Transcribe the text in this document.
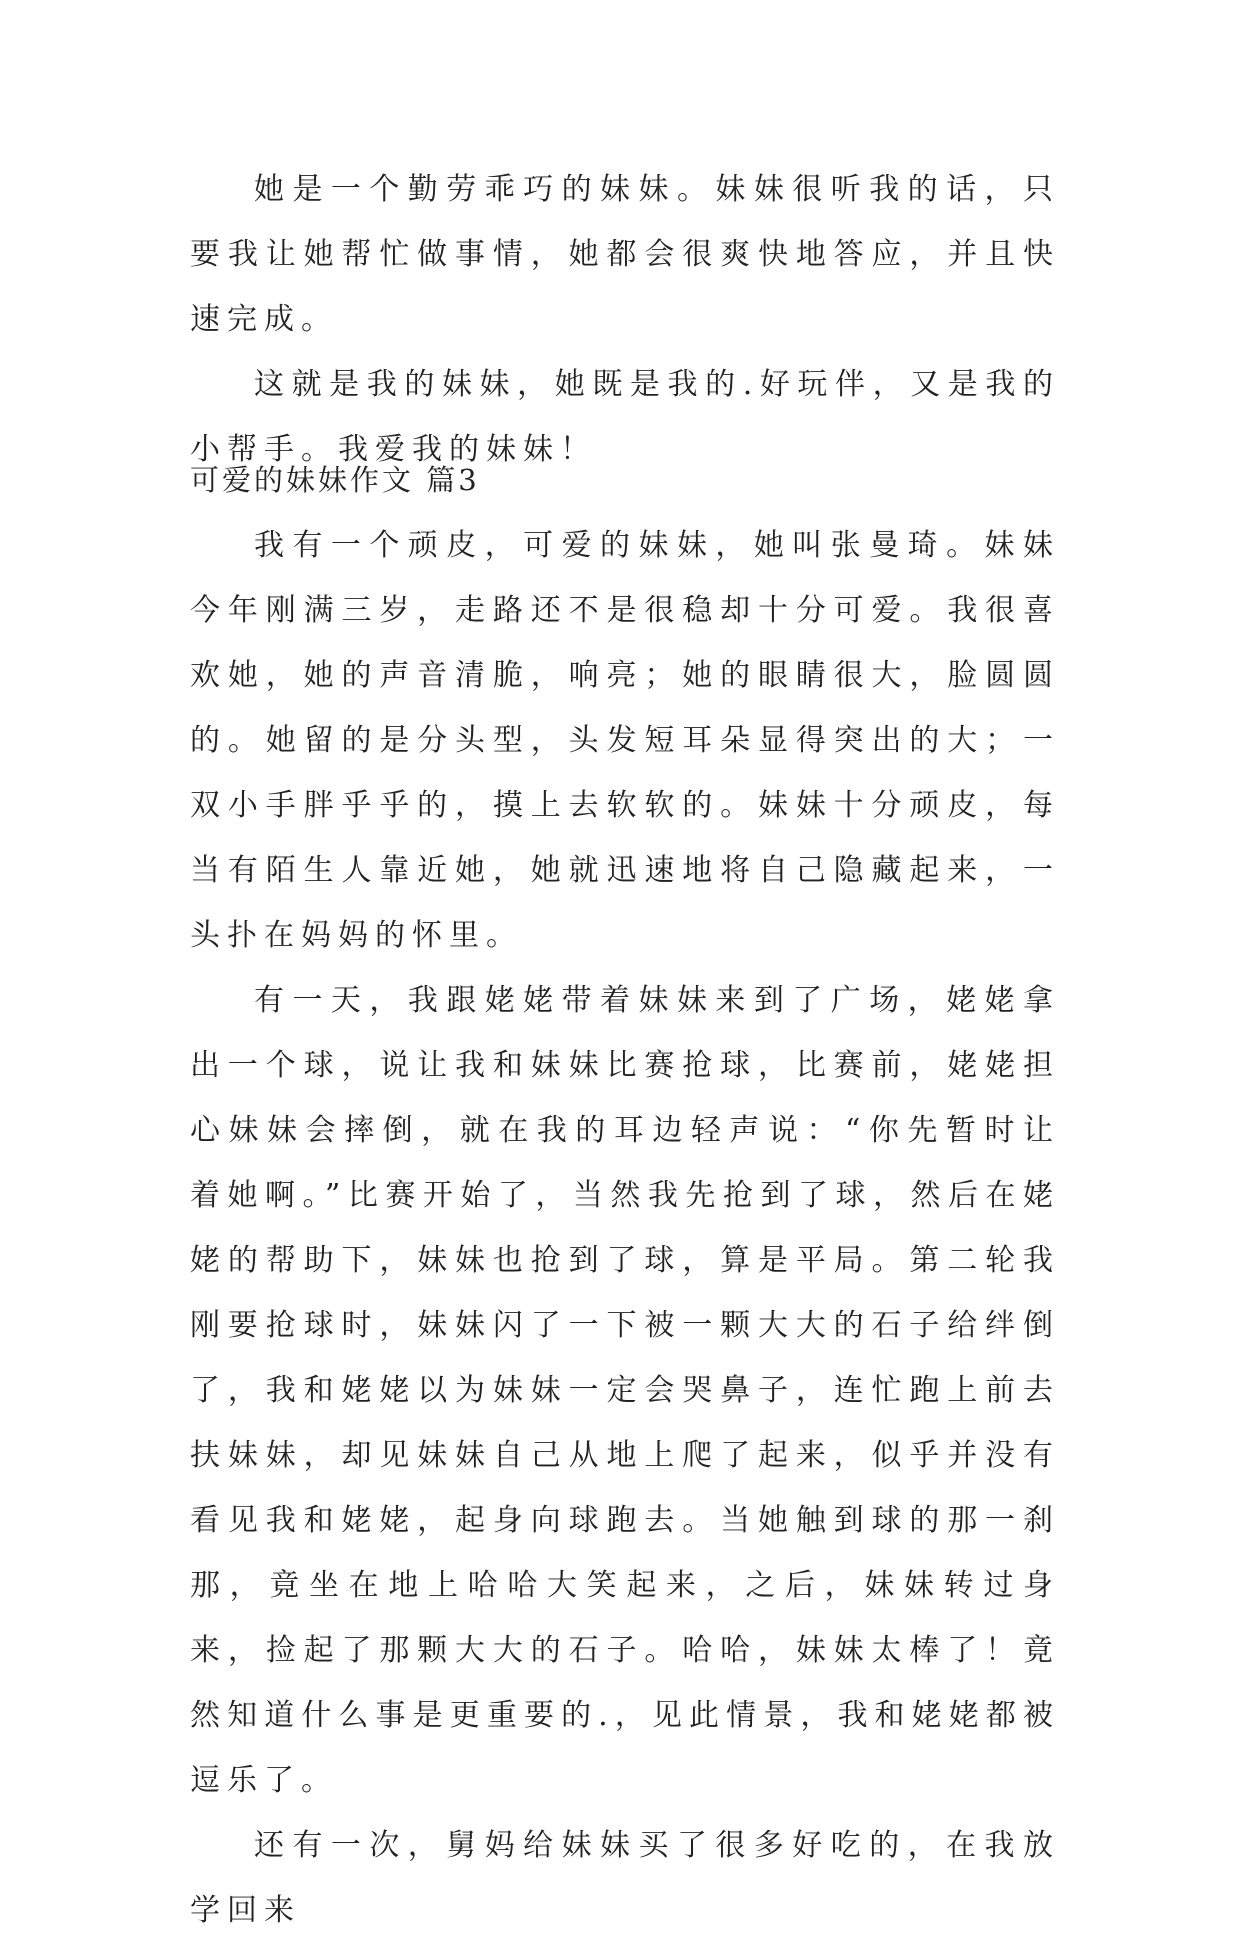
她是一个勤劳乖巧的妹妹。妹妹很听我的话，只要我让她帮忙做事情，她都会很爽快地答应，并且快速完成。

这就是我的妹妹，她既是我的.好玩伴，又是我的小帮手。我爱我的妹妹！

可爱的妹妹作文 篇3

我有一个顽皮，可爱的妹妹，她叫张曼琦。妹妹今年刚满三岁，走路还不是很稳却十分可爱。我很喜欢她，她的声音清脆，响亮；她的眼睛很大，脸圆圆的。她留的是分头型，头发短耳朵显得突出的大；一双小手胖乎乎的，摸上去软软的。妹妹十分顽皮，每当有陌生人靠近她，她就迅速地将自己隐藏起来，一头扑在妈妈的怀里。

有一天，我跟姥姥带着妹妹来到了广场，姥姥拿出一个球，说让我和妹妹比赛抢球，比赛前，姥姥担心妹妹会摔倒，就在我的耳边轻声说：“你先暂时让着她啊。”比赛开始了，当然我先抢到了球，然后在姥姥的帮助下，妹妹也抢到了球，算是平局。第二轮我刚要抢球时，妹妹闪了一下被一颗大大的石子给绊倒了，我和姥姥以为妹妹一定会哭鼻子，连忙跑上前去扶妹妹，却见妹妹自己从地上爬了起来，似乎并没有看见我和姥姥，起身向球跑去。当她触到球的那一刹那，竟坐在地上哈哈大笑起来，之后，妹妹转过身来，捡起了那颗大大的石子。哈哈，妹妹太棒了！竟然知道什么事是更重要的.，见此情景，我和姥姥都被逗乐了。

还有一次，舅妈给妹妹买了很多好吃的，在我放学回来
